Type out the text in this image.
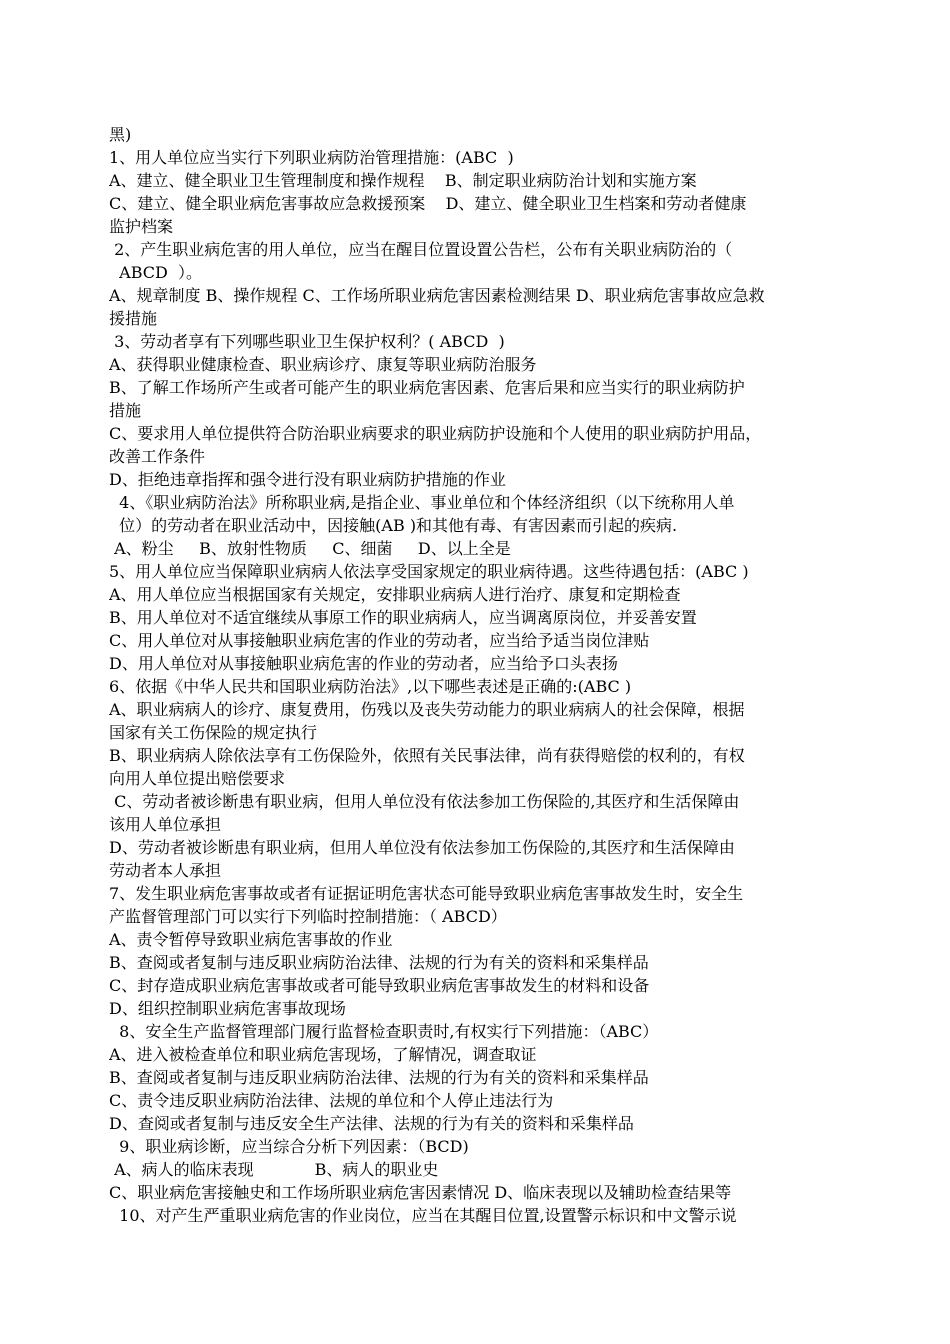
黑)
1、用人单位应当实行下列职业病防治管理措施：(ABC  )
A、建立、健全职业卫生管理制度和操作规程    B、制定职业病防治计划和实施方案
C、建立、健全职业病危害事故应急救援预案    D、建立、健全职业卫生档案和劳动者健康
监护档案
2、产生职业病危害的用人单位，应当在醒目位置设置公告栏，公布有关职业病防治的（
ABCD  ）。
A、规章制度 B、操作规程 C、工作场所职业病危害因素检测结果 D、职业病危害事故应急救
援措施
3、劳动者享有下列哪些职业卫生保护权利？( ABCD  )
A、获得职业健康检查、职业病诊疗、康复等职业病防治服务
B、了解工作场所产生或者可能产生的职业病危害因素、危害后果和应当实行的职业病防护
措施
C、要求用人单位提供符合防治职业病要求的职业病防护设施和个人使用的职业病防护用品，
改善工作条件
D、拒绝违章指挥和强令进行没有职业病防护措施的作业
4、《职业病防治法》所称职业病,是指企业、事业单位和个体经济组织（以下统称用人单
位）的劳动者在职业活动中，因接触(AB )和其他有毒、有害因素而引起的疾病.
A、粉尘     B、放射性物质     C、细菌     D、以上全是
5、用人单位应当保障职业病病人依法享受国家规定的职业病待遇。这些待遇包括：(ABC )
A、用人单位应当根据国家有关规定，安排职业病病人进行治疗、康复和定期检查
B、用人单位对不适宜继续从事原工作的职业病病人，应当调离原岗位，并妥善安置
C、用人单位对从事接触职业病危害的作业的劳动者，应当给予适当岗位津贴
D、用人单位对从事接触职业病危害的作业的劳动者，应当给予口头表扬
6、依据《中华人民共和国职业病防治法》,以下哪些表述是正确的:(ABC )
A、职业病病人的诊疗、康复费用，伤残以及丧失劳动能力的职业病病人的社会保障，根据
国家有关工伤保险的规定执行
B、职业病病人除依法享有工伤保险外，依照有关民事法律，尚有获得赔偿的权利的，有权
向用人单位提出赔偿要求
C、劳动者被诊断患有职业病，但用人单位没有依法参加工伤保险的,其医疗和生活保障由
该用人单位承担
D、劳动者被诊断患有职业病，但用人单位没有依法参加工伤保险的,其医疗和生活保障由
劳动者本人承担
7、发生职业病危害事故或者有证据证明危害状态可能导致职业病危害事故发生时，安全生
产监督管理部门可以实行下列临时控制措施：（ ABCD）
A、责令暂停导致职业病危害事故的作业
B、查阅或者复制与违反职业病防治法律、法规的行为有关的资料和采集样品
C、封存造成职业病危害事故或者可能导致职业病危害事故发生的材料和设备
D、组织控制职业病危害事故现场
8、安全生产监督管理部门履行监督检查职责时,有权实行下列措施：（ABC）
A、进入被检查单位和职业病危害现场，了解情况，调查取证
B、查阅或者复制与违反职业病防治法律、法规的行为有关的资料和采集样品
C、责令违反职业病防治法律、法规的单位和个人停止违法行为
D、查阅或者复制与违反安全生产法律、法规的行为有关的资料和采集样品
9、职业病诊断，应当综合分析下列因素：（BCD)
A、病人的临床表现            B、病人的职业史
C、职业病危害接触史和工作场所职业病危害因素情况 D、临床表现以及辅助检查结果等
10、对产生严重职业病危害的作业岗位，应当在其醒目位置,设置警示标识和中文警示说
